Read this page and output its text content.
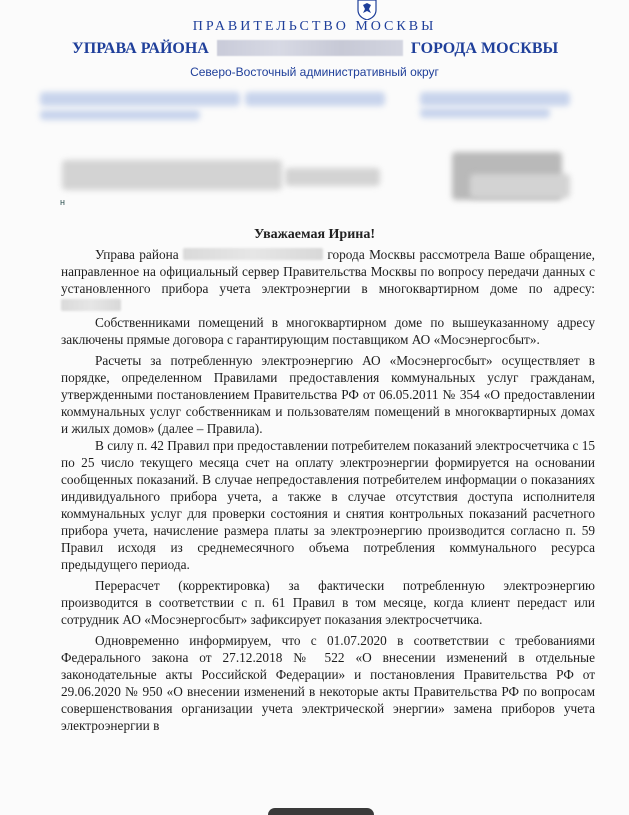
ПРАВИТЕЛЬСТВО МОСКВЫ
УПРАВА РАЙОНА	ГОРОДА МОСКВЫ
Северо-Восточный административный округ
н
Уважаемая Ирина!

Управа района	города Москвы рассмотрела Ваше обращение, направленное на официальный сервер Правительства Москвы по вопросу передачи данных с установленного прибора учета электроэнергии в многоквартирном доме по адресу:

Собственниками помещений в многоквартирном доме по вышеуказанному адресу заключены прямые договора с гарантирующим поставщиком АО «Мосэнергосбыт».

Расчеты за потребленную электроэнергию АО «Мосэнергосбыт» осуществляет в порядке, определенном Правилами предоставления коммунальных услуг гражданам, утвержденными постановлением Правительства РФ от 06.05.2011 № 354 «О предоставлении коммунальных услуг собственникам и пользователям помещений в многоквартирных домах и жилых домов» (далее – Правила).

В силу п. 42 Правил при предоставлении потребителем показаний электросчетчика с 15 по 25 число текущего месяца счет на оплату электроэнергии формируется на основании сообщенных показаний. В случае непредоставления потребителем информации о показаниях индивидуального прибора учета, а также в случае отсутствия доступа исполнителя коммунальных услуг для проверки состояния и снятия контрольных показаний расчетного прибора учета, начисление размера платы за электроэнергию производится согласно п. 59 Правил исходя из среднемесячного объема потребления коммунального ресурса предыдущего периода.

Перерасчет (корректировка) за фактически потребленную электроэнергию производится в соответствии с п. 61 Правил в том месяце, когда клиент передаст или сотрудник АО «Мосэнергосбыт» зафиксирует показания электросчетчика.

Одновременно информируем, что с 01.07.2020 в соответствии с требованиями Федерального закона от 27.12.2018 № 522 «О внесении изменений в отдельные законодательные акты Российской Федерации» и постановления Правительства РФ от 29.06.2020 № 950 «О внесении изменений в некоторые акты Правительства РФ по вопросам совершенствования организации учета электрической энергии» замена приборов учета электроэнергии в
